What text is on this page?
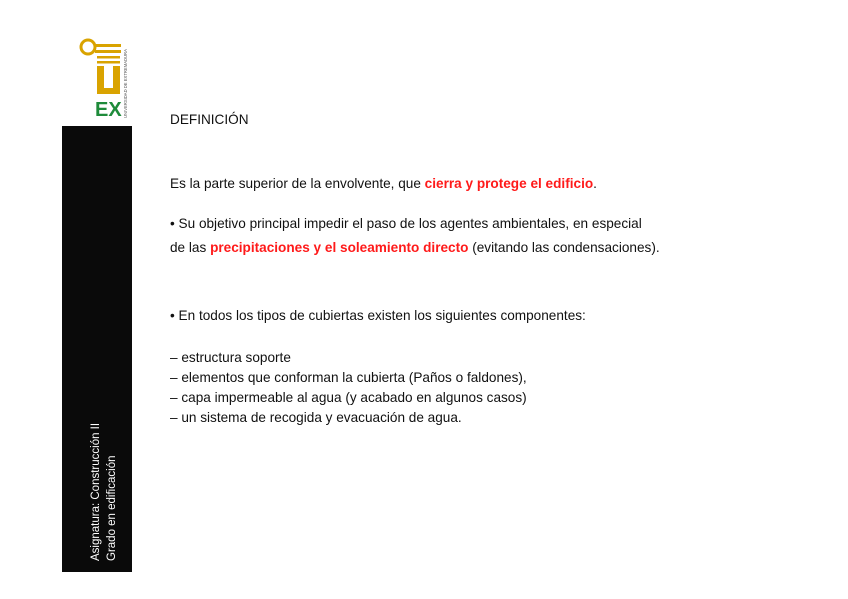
EX UNIVERSIDAD DE EXTREMADURA
Asignatura: Construcción II Grado en edificación

DEFINICIÓN

Es la parte superior de la envolvente, que cierra y protege el edificio.

• Su objetivo principal impedir el paso de los agentes ambientales, en especial

de las precipitaciones y el soleamiento directo (evitando las condensaciones).

• En todos los tipos de cubiertas existen los siguientes componentes:

– estructura soporte

– elementos que conforman la cubierta (Paños o faldones),

– capa impermeable al agua (y acabado en algunos casos)

– un sistema de recogida y evacuación de agua.
